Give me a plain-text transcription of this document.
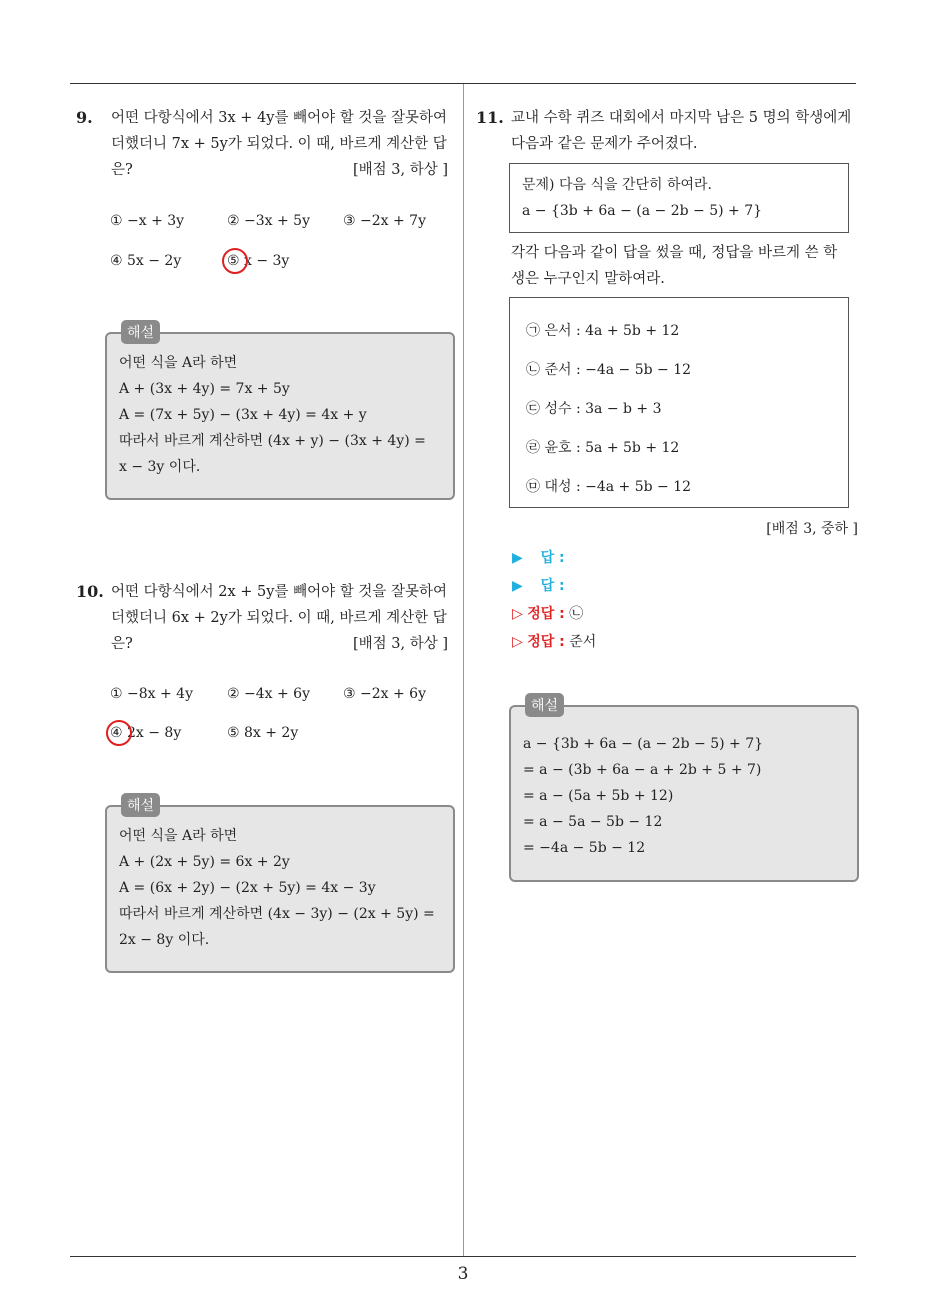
3
9. 어떤 다항식에서 3x + 4y를 빼어야 할 것을 잘못하여
더했더니 7x + 5y가 되었다. 이 때, 바르게 계산한 답
은?	[배점 3, 하상 ]
① −x + 3y	② −3x + 5y ③ −2x + 7y
④ 5x − 2y	⑤ x − 3y
해설
어떤 식을 A라 하면
A + (3x + 4y) = 7x + 5y
A = (7x + 5y) − (3x + 4y) = 4x + y
따라서 바르게 계산하면 (4x + y) − (3x + 4y) =
x − 3y 이다.
10. 어떤 다항식에서 2x + 5y를 빼어야 할 것을 잘못하여
더했더니 6x + 2y가 되었다. 이 때, 바르게 계산한 답
은?	[배점 3, 하상 ]
① −8x + 4y ② −4x + 6y ③ −2x + 6y
④ 2x − 8y	⑤ 8x + 2y
해설
어떤 식을 A라 하면
A + (2x + 5y) = 6x + 2y
A = (6x + 2y) − (2x + 5y) = 4x − 3y
따라서 바르게 계산하면 (4x − 3y) − (2x + 5y) =
2x − 8y 이다.
11. 교내 수학 퀴즈 대회에서 마지막 남은 5 명의 학생에게
다음과 같은 문제가 주어졌다.
문제) 다음 식을 간단히 하여라.
a − {3b + 6a − (a − 2b − 5) + 7}
각각 다음과 같이 답을 썼을 때, 정답을 바르게 쓴 학
생은 누구인지 말하여라.
㉠ 은서 : 4a + 5b + 12
㉡ 준서 : −4a − 5b − 12
㉢ 성수 : 3a − b + 3
㉣ 윤호 : 5a + 5b + 12
㉤ 대성 : −4a + 5b − 12
[배점 3, 중하 ]
▶ 답 :
▶ 답 :
▷ 정답 : ㉡
▷ 정답 : 준서
해설
a − {3b + 6a − (a − 2b − 5) + 7}
= a − (3b + 6a − a + 2b + 5 + 7)
= a − (5a + 5b + 12)
= a − 5a − 5b − 12
= −4a − 5b − 12
